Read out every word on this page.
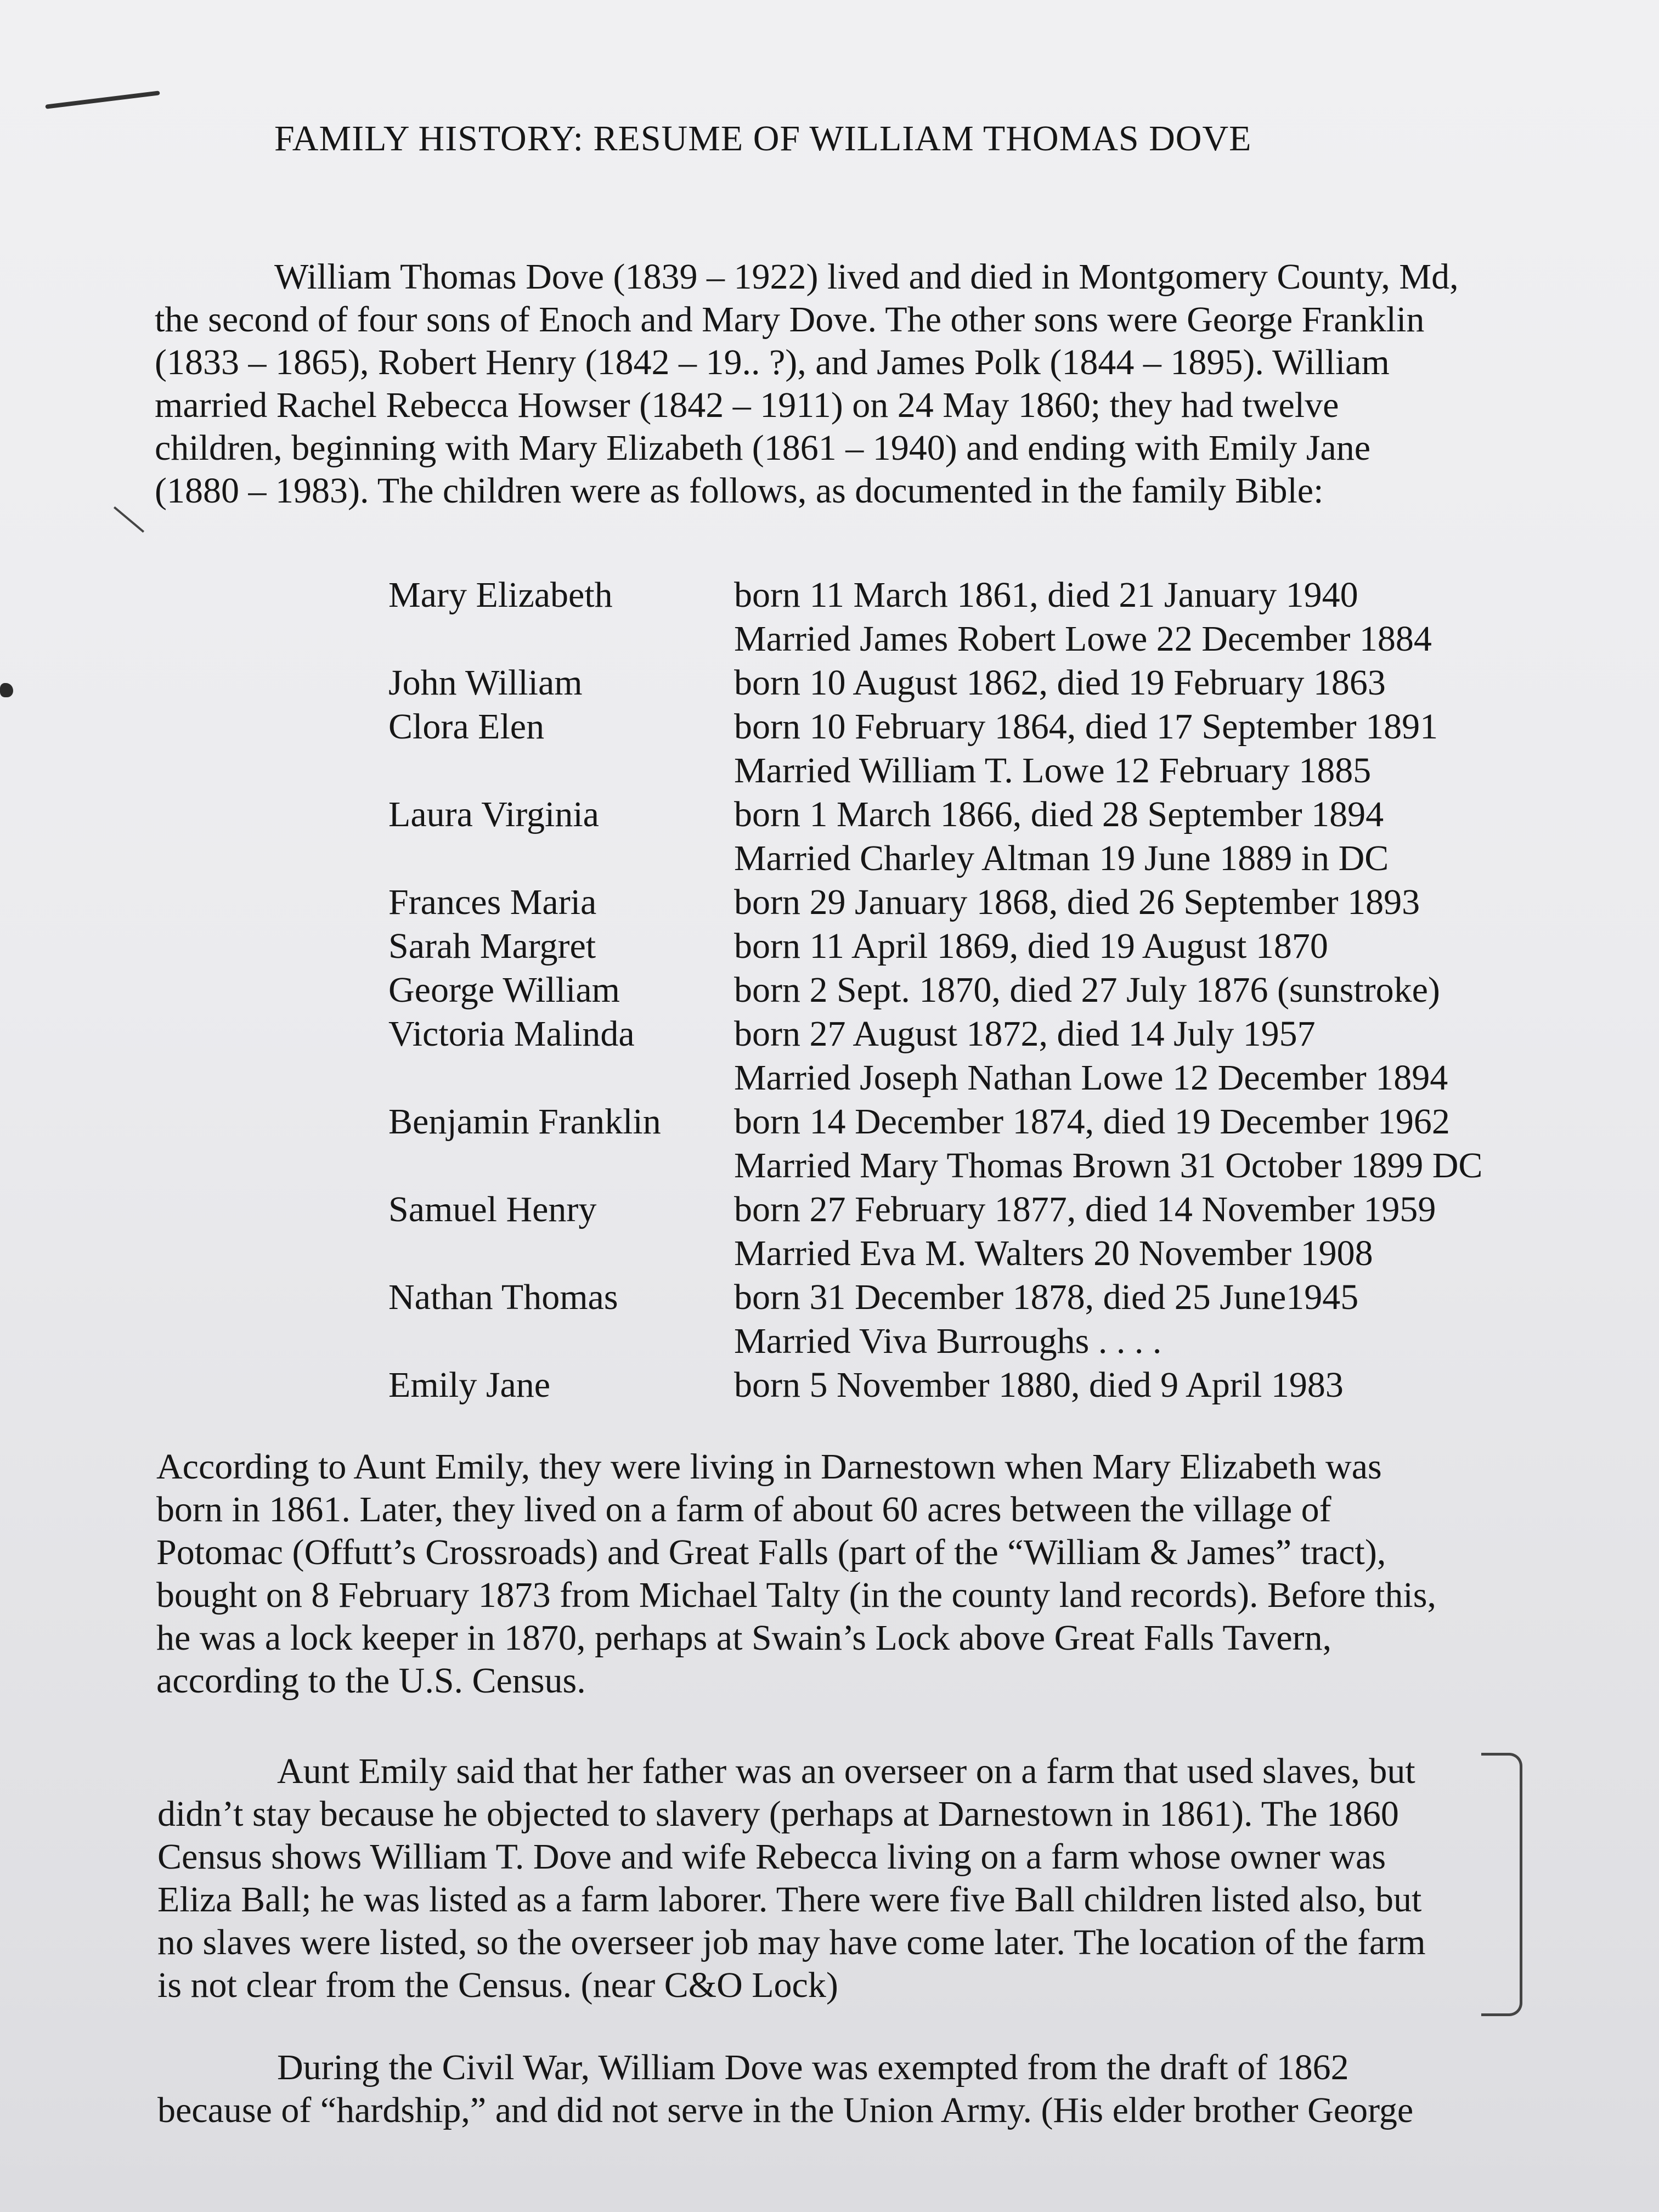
FAMILY HISTORY: RESUME OF WILLIAM THOMAS DOVE
William Thomas Dove (1839 – 1922) lived and died in Montgomery County, Md,
the second of four sons of Enoch and Mary Dove. The other sons were George Franklin
(1833 – 1865), Robert Henry (1842 – 19.. ?), and James Polk (1844 – 1895). William
married Rachel Rebecca Howser (1842 – 1911) on 24 May 1860; they had twelve
children, beginning with Mary Elizabeth (1861 – 1940) and ending with Emily Jane
(1880 – 1983). The children were as follows, as documented in the family Bible:
Mary Elizabeth	born 11 March 1861, died 21 January 1940
Married James Robert Lowe 22 December 1884
John William	born 10 August 1862, died 19 February 1863
Clora Elen	born 10 February 1864, died 17 September 1891
Married William T. Lowe 12 February 1885
Laura Virginia	born 1 March 1866, died 28 September 1894
Married Charley Altman 19 June 1889 in DC
Frances Maria	born 29 January 1868, died 26 September 1893
Sarah Margret	born 11 April 1869, died 19 August 1870
George William	born 2 Sept. 1870, died 27 July 1876 (sunstroke)
Victoria Malinda	born 27 August 1872, died 14 July 1957
Married Joseph Nathan Lowe 12 December 1894
Benjamin Franklin	born 14 December 1874, died 19 December 1962
Married Mary Thomas Brown 31 October 1899 DC
Samuel Henry	born 27 February 1877, died 14 November 1959
Married Eva M. Walters 20 November 1908
Nathan Thomas	born 31 December 1878, died 25 June1945
Married Viva Burroughs . . . .
Emily Jane	born 5 November 1880, died 9 April 1983
According to Aunt Emily, they were living in Darnestown when Mary Elizabeth was
born in 1861. Later, they lived on a farm of about 60 acres between the village of
Potomac (Offutt’s Crossroads) and Great Falls (part of the “William & James” tract),
bought on 8 February 1873 from Michael Talty (in the county land records). Before this,
he was a lock keeper in 1870, perhaps at Swain’s Lock above Great Falls Tavern,
according to the U.S. Census.
Aunt Emily said that her father was an overseer on a farm that used slaves, but
didn’t stay because he objected to slavery (perhaps at Darnestown in 1861). The 1860
Census shows William T. Dove and wife Rebecca living on a farm whose owner was
Eliza Ball; he was listed as a farm laborer. There were five Ball children listed also, but
no slaves were listed, so the overseer job may have come later. The location of the farm
is not clear from the Census. (near C&O Lock)
During the Civil War, William Dove was exempted from the draft of 1862
because of “hardship,” and did not serve in the Union Army. (His elder brother George
